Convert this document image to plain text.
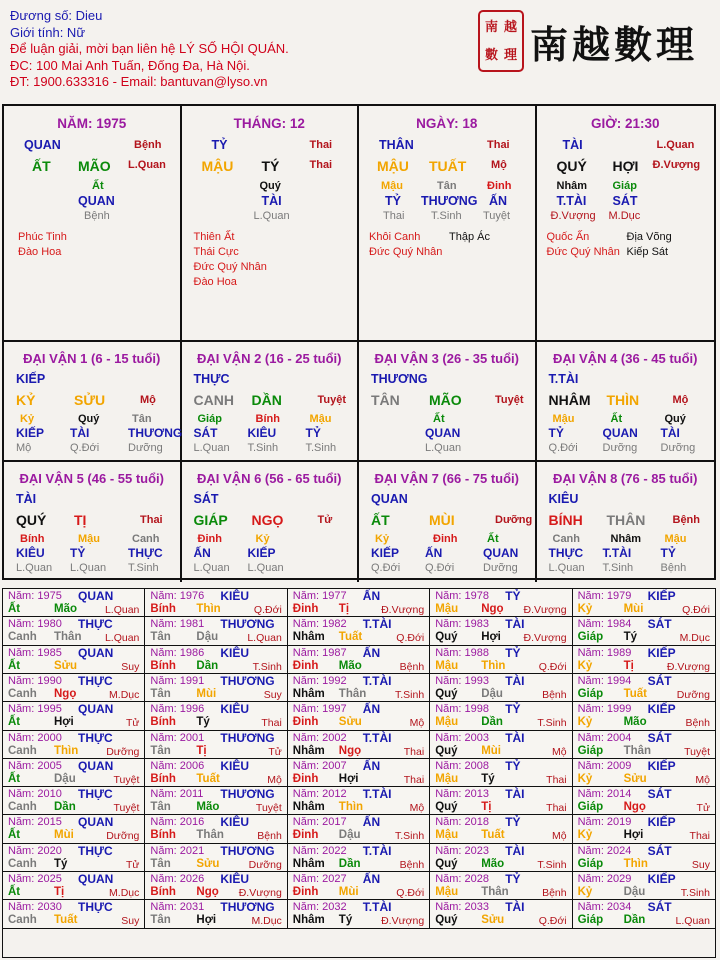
Đương số: Dieu
Giới tính: Nữ
Để luận giải, mời bạn liên hệ LÝ SỐ HỘI QUÁN.
ĐC: 100 Mai Anh Tuấn, Đống Đa, Hà Nội.
ĐT: 1900.633316 - Email: bantuvan@lyso.vn
南 越
數 理 南越數理
NĂM: 1975
QUAN	Bệnh
ẤT MÃO L.Quan
Ất
QUAN
Bệnh
Phúc Tinh
Đào Hoa
THÁNG: 12
TỶ	Thai
MẬU TÝ	Thai
Quý
TÀI
L.Quan
Thiên Ất
Thái Cực
Đức Quý Nhân
Đào Hoa
NGÀY: 18
THÂN	Thai
MẬU TUẤT Mộ
Mậu	Tân	Đinh
TỶ THƯƠNG ẤN
Thai T.Sinh Tuyệt
Khôi Canh
Đức Quý Nhân
Thập Ác
GIỜ: 21:30
TÀI	L.Quan
QUÝ HỢI Đ.Vượng
Nhâm Giáp
T.TÀI SÁT
Đ.Vượng M.Dục
Quốc Ấn
Đức Quý Nhân
Địa Võng
Kiếp Sát
ĐẠI VẬN 1 (6 - 15 tuổi)
KIẾP
KỶ	SỬU	Mộ
Kỷ
KIẾP
Mộ
Quý
TÀI
Q.Đới
Tân
THƯƠNG
Dưỡng
ĐẠI VẬN 2 (16 - 25 tuổi)
THỰC
CANH DẦN	Tuyệt
Giáp
SÁT
L.Quan
Bính
KIÊU
T.Sinh
Mậu
TỶ
T.Sinh
ĐẠI VẬN 3 (26 - 35 tuổi)
THƯƠNG
TÂN MÃO	Tuyệt
Ất
QUAN
L.Quan
ĐẠI VẬN 4 (36 - 45 tuổi)
T.TÀI
NHÂM THÌN	Mộ
Mậu
TỶ
Q.Đới
Ất
QUAN
Dưỡng
Quý
TÀI
Dưỡng
ĐẠI VẬN 5 (46 - 55 tuổi)
TÀI
QUÝ TỊ	Thai
Bính
KIÊU
L.Quan
Mậu
TỶ
L.Quan
Canh
THỰC
T.Sinh
ĐẠI VẬN 6 (56 - 65 tuổi)
SÁT
GIÁP NGỌ	Tử
Đinh
ẤN
L.Quan
Kỷ
KIẾP
L.Quan
ĐẠI VẬN 7 (66 - 75 tuổi)
QUAN
ẤT	MÙI	Dưỡng
Kỷ
KIẾP
Q.Đới
Đinh
ẤN
Q.Đới
Ất
QUAN
Dưỡng
ĐẠI VẬN 8 (76 - 85 tuổi)
KIÊU
BÍNH THÂN Bệnh
Canh
THỰC
L.Quan
Nhâm
T.TÀI
T.Sinh
Mậu
TỶ
Bệnh
Năm: 1975 QUAN
Ất	Mão	L.Quan
Năm: 1976 KIÊU
Bính Thìn	Q.Đới
Năm: 1977 ẤN
Đinh Tị	Đ.Vượng
Năm: 1978 TỶ
Mậu Ngọ Đ.Vượng
Năm: 1979 KIẾP
Kỷ	Mùi	Q.Đới
Năm: 1980 THỰC
Canh Thân L.Quan
Năm: 1981 THƯƠNG
Tân Dậu	L.Quan
Năm: 1982 T.TÀI
Nhâm Tuất	Q.Đới
Năm: 1983 TÀI
Quý Hợi Đ.Vượng
Năm: 1984 SÁT
Giáp Tý	M.Dục
Năm: 1985 QUAN
Ất	Sửu	Suy
Năm: 1986 KIÊU
Bính Dần	T.Sinh
Năm: 1987 ẤN
Đinh Mão	Bệnh
Năm: 1988 TỶ
Mậu Thìn	Q.Đới
Năm: 1989 KIẾP
Kỷ	Tị	Đ.Vượng
Năm: 1990 THỰC
Canh Ngọ	M.Dục
Năm: 1991 THƯƠNG
Tân Mùi	Suy
Năm: 1992 T.TÀI
Nhâm Thân	T.Sinh
Năm: 1993 TÀI
Quý Dậu	Bệnh
Năm: 1994 SÁT
Giáp Tuất	Dưỡng
Năm: 1995 QUAN
Ất	Hợi	Tử
Năm: 1996 KIÊU
Bính Tý	Thai
Năm: 1997 ẤN
Đinh Sửu	Mộ
Năm: 1998 TỶ
Mậu Dần	T.Sinh
Năm: 1999 KIẾP
Kỷ	Mão	Bệnh
Năm: 2000 THỰC
Canh Thìn	Dưỡng
Năm: 2001 THƯƠNG
Tân Tị	Tử
Năm: 2002 T.TÀI
Nhâm Ngọ	Thai
Năm: 2003 TÀI
Quý Mùi	Mộ
Năm: 2004 SÁT
Giáp Thân	Tuyệt
Năm: 2005 QUAN
Ất	Dậu	Tuyệt
Năm: 2006 KIÊU
Bính Tuất	Mộ
Năm: 2007 ẤN
Đinh Hợi	Thai
Năm: 2008 TỶ
Mậu Tý	Thai
Năm: 2009 KIẾP
Kỷ	Sửu	Mộ
Năm: 2010 THỰC
Canh Dần	Tuyệt
Năm: 2011 THƯƠNG
Tân Mão	Tuyệt
Năm: 2012 T.TÀI
Nhâm Thìn	Mộ
Năm: 2013 TÀI
Quý Tị	Thai
Năm: 2014 SÁT
Giáp Ngọ	Tử
Năm: 2015 QUAN
Ất	Mùi	Dưỡng
Năm: 2016 KIÊU
Bính Thân	Bệnh
Năm: 2017 ẤN
Đinh Dậu	T.Sinh
Năm: 2018 TỶ
Mậu Tuất	Mộ
Năm: 2019 KIẾP
Kỷ	Hợi	Thai
Năm: 2020 THỰC
Canh Tý	Tử
Năm: 2021 THƯƠNG
Tân Sửu	Dưỡng
Năm: 2022 T.TÀI
Nhâm Dần	Bệnh
Năm: 2023 TÀI
Quý Mão	T.Sinh
Năm: 2024 SÁT
Giáp Thìn	Suy
Năm: 2025 QUAN
Ất	Tị	M.Dục
Năm: 2026 KIÊU
Bính Ngọ Đ.Vượng
Năm: 2027 ẤN
Đinh Mùi	Q.Đới
Năm: 2028 TỶ
Mậu Thân	Bệnh
Năm: 2029 KIẾP
Kỷ	Dậu	T.Sinh
Năm: 2030 THỰC
Canh Tuất	Suy
Năm: 2031 THƯƠNG
Tân Hợi	M.Dục
Năm: 2032 T.TÀI
Nhâm Tý	Đ.Vượng
Năm: 2033 TÀI
Quý Sửu	Q.Đới
Năm: 2034 SÁT
Giáp Dần	L.Quan
